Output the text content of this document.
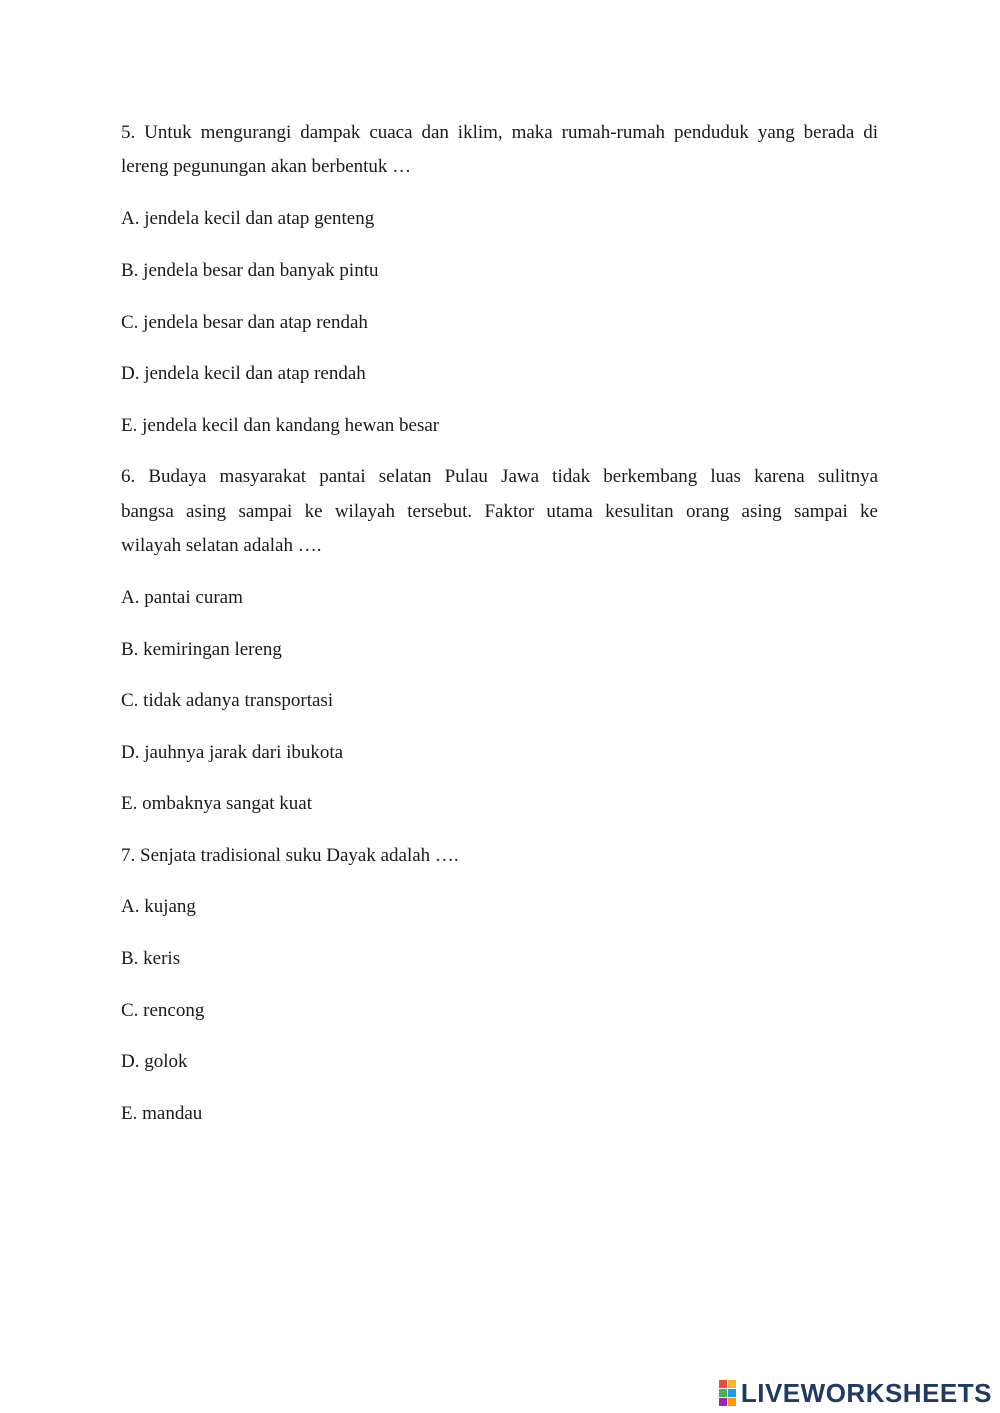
5. Untuk mengurangi dampak cuaca dan iklim, maka rumah-rumah penduduk yang berada di
lereng pegunungan akan berbentuk …
A. jendela kecil dan atap genteng
B. jendela besar dan banyak pintu
C. jendela besar dan atap rendah
D. jendela kecil dan atap rendah
E. jendela kecil dan kandang hewan besar
6. Budaya masyarakat pantai selatan Pulau Jawa tidak berkembang luas karena sulitnya
bangsa asing sampai ke wilayah tersebut. Faktor utama kesulitan orang asing sampai ke
wilayah selatan adalah ….
A. pantai curam
B. kemiringan lereng
C. tidak adanya transportasi
D. jauhnya jarak dari ibukota
E. ombaknya sangat kuat
7. Senjata tradisional suku Dayak adalah ….
A. kujang
B. keris
C. rencong
D. golok
E. mandau
LIVEWORKSHEETS
